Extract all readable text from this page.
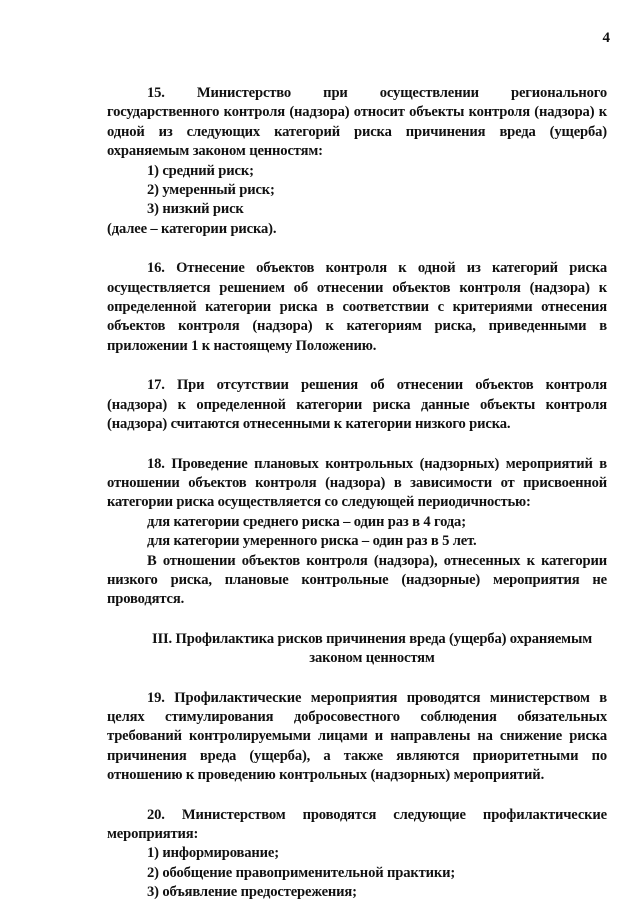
4

15. Министерство при осуществлении регионального государственного контроля (надзора) относит объекты контроля (надзора) к одной из следующих категорий риска причинения вреда (ущерба) охраняемым законом ценностям:

1) средний риск;

2) умеренный риск;

3) низкий риск

(далее – категории риска).

16. Отнесение объектов контроля к одной из категорий риска осуществляется решением об отнесении объектов контроля (надзора) к определенной категории риска в соответствии с критериями отнесения объектов контроля (надзора) к категориям риска, приведенными в приложении 1 к настоящему Положению.

17. При отсутствии решения об отнесении объектов контроля (надзора) к определенной категории риска данные объекты контроля (надзора) считаются отнесенными к категории низкого риска.

18. Проведение плановых контрольных (надзорных) мероприятий в отношении объектов контроля (надзора) в зависимости от присвоенной категории риска осуществляется со следующей периодичностью:

для категории среднего риска – один раз в 4 года;

для категории умеренного риска – один раз в 5 лет.

В отношении объектов контроля (надзора), отнесенных к категории низкого риска, плановые контрольные (надзорные) мероприятия не проводятся.

III. Профилактика рисков причинения вреда (ущерба) охраняемым

законом ценностям

19. Профилактические мероприятия проводятся министерством в целях стимулирования добросовестного соблюдения обязательных требований контролируемыми лицами и направлены на снижение риска причинения вреда (ущерба), а также являются приоритетными по отношению к проведению контрольных (надзорных) мероприятий.

20. Министерством проводятся следующие профилактические мероприятия:

1) информирование;

2) обобщение правоприменительной практики;

3) объявление предостережения;
